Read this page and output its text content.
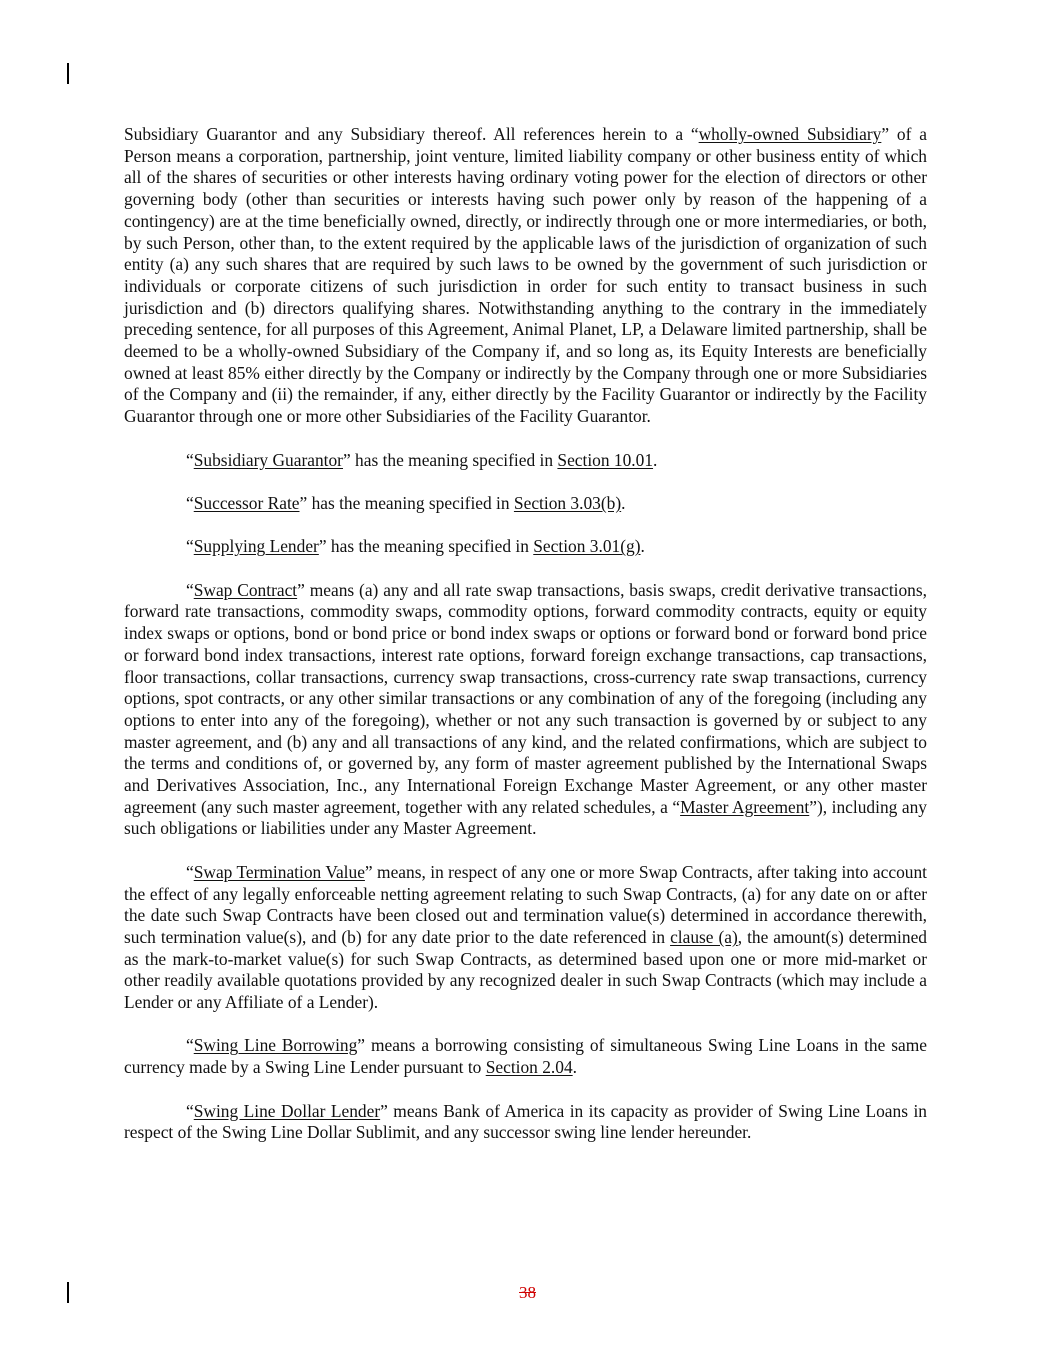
Subsidiary Guarantor and any Subsidiary thereof. All references herein to a “wholly-owned Subsidiary” of a Person means a corporation, partnership, joint venture, limited liability company or other business entity of which all of the shares of securities or other interests having ordinary voting power for the election of directors or other governing body (other than securities or interests having such power only by reason of the happening of a contingency) are at the time beneficially owned, directly, or indirectly through one or more intermediaries, or both, by such Person, other than, to the extent required by the applicable laws of the jurisdiction of organization of such entity (a) any such shares that are required by such laws to be owned by the government of such jurisdiction or individuals or corporate citizens of such jurisdiction in order for such entity to transact business in such jurisdiction and (b) directors qualifying shares. Notwithstanding anything to the contrary in the immediately preceding sentence, for all purposes of this Agreement, Animal Planet, LP, a Delaware limited partnership, shall be deemed to be a wholly-owned Subsidiary of the Company if, and so long as, its Equity Interests are beneficially owned at least 85% either directly by the Company or indirectly by the Company through one or more Subsidiaries of the Company and (ii) the remainder, if any, either directly by the Facility Guarantor or indirectly by the Facility Guarantor through one or more other Subsidiaries of the Facility Guarantor.

“Subsidiary Guarantor” has the meaning specified in Section 10.01.

“Successor Rate” has the meaning specified in Section 3.03(b).

“Supplying Lender” has the meaning specified in Section 3.01(g).

“Swap Contract” means (a) any and all rate swap transactions, basis swaps, credit derivative transactions, forward rate transactions, commodity swaps, commodity options, forward commodity contracts, equity or equity index swaps or options, bond or bond price or bond index swaps or options or forward bond or forward bond price or forward bond index transactions, interest rate options, forward foreign exchange transactions, cap transactions, floor transactions, collar transactions, currency swap transactions, cross-currency rate swap transactions, currency options, spot contracts, or any other similar transactions or any combination of any of the foregoing (including any options to enter into any of the foregoing), whether or not any such transaction is governed by or subject to any master agreement, and (b) any and all transactions of any kind, and the related confirmations, which are subject to the terms and conditions of, or governed by, any form of master agreement published by the International Swaps and Derivatives Association, Inc., any International Foreign Exchange Master Agreement, or any other master agreement (any such master agreement, together with any related schedules, a “Master Agreement”), including any such obligations or liabilities under any Master Agreement.

“Swap Termination Value” means, in respect of any one or more Swap Contracts, after taking into account the effect of any legally enforceable netting agreement relating to such Swap Contracts, (a) for any date on or after the date such Swap Contracts have been closed out and termination value(s) determined in accordance therewith, such termination value(s), and (b) for any date prior to the date referenced in clause (a), the amount(s) determined as the mark-to-market value(s) for such Swap Contracts, as determined based upon one or more mid-market or other readily available quotations provided by any recognized dealer in such Swap Contracts (which may include a Lender or any Affiliate of a Lender).

“Swing Line Borrowing” means a borrowing consisting of simultaneous Swing Line Loans in the same currency made by a Swing Line Lender pursuant to Section 2.04.

“Swing Line Dollar Lender” means Bank of America in its capacity as provider of Swing Line Loans in respect of the Swing Line Dollar Sublimit, and any successor swing line lender hereunder.

38
